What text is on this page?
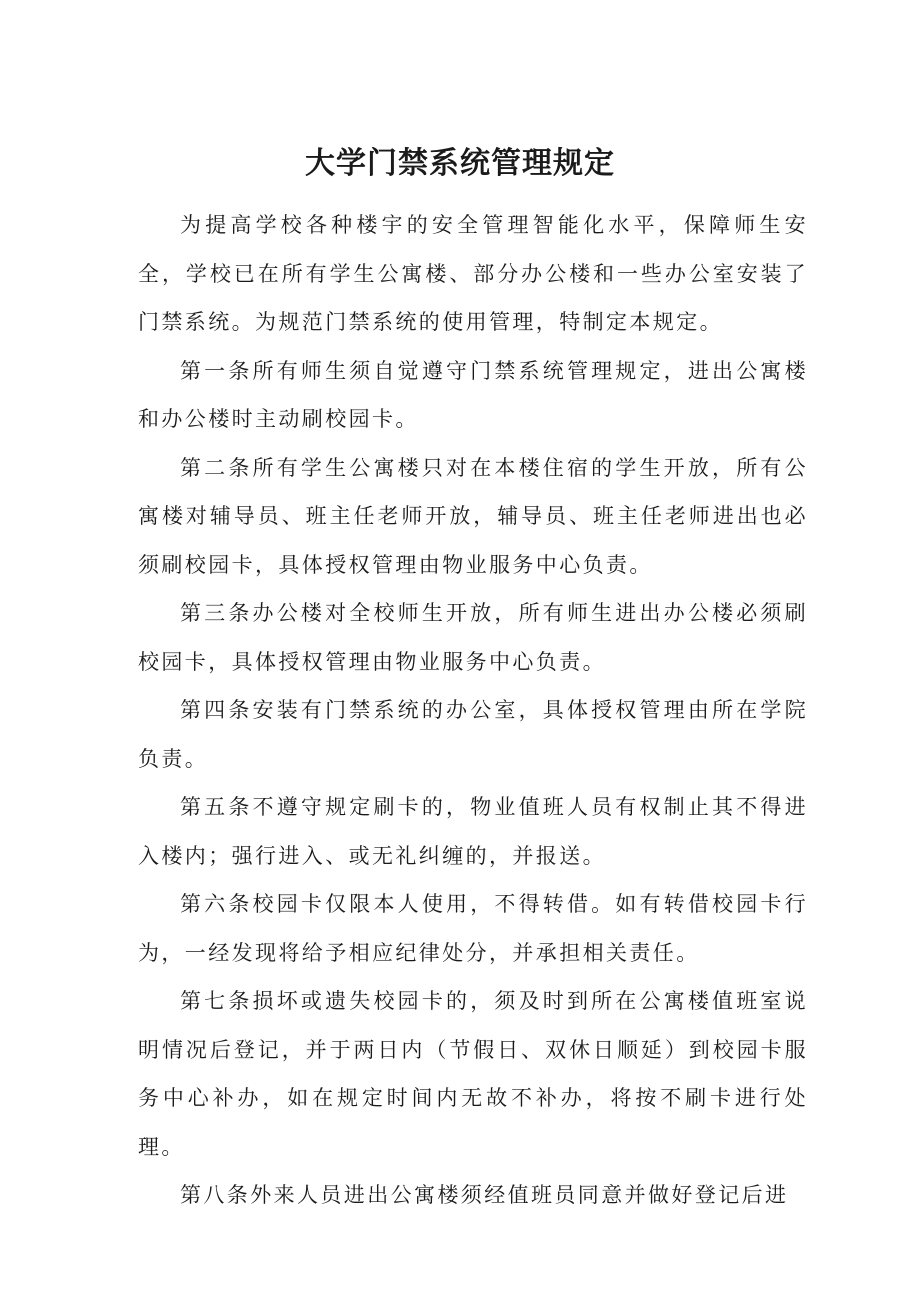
大学门禁系统管理规定

为提高学校各种楼宇的安全管理智能化水平，保障师生安全，学校已在所有学生公寓楼、部分办公楼和一些办公室安装了门禁系统。为规范门禁系统的使用管理，特制定本规定。

第一条所有师生须自觉遵守门禁系统管理规定，进出公寓楼和办公楼时主动刷校园卡。

第二条所有学生公寓楼只对在本楼住宿的学生开放，所有公寓楼对辅导员、班主任老师开放，辅导员、班主任老师进出也必须刷校园卡，具体授权管理由物业服务中心负责。

第三条办公楼对全校师生开放，所有师生进出办公楼必须刷校园卡，具体授权管理由物业服务中心负责。

第四条安装有门禁系统的办公室，具体授权管理由所在学院负责。

第五条不遵守规定刷卡的，物业值班人员有权制止其不得进入楼内；强行进入、或无礼纠缠的，并报送。

第六条校园卡仅限本人使用，不得转借。如有转借校园卡行为，一经发现将给予相应纪律处分，并承担相关责任。

第七条损坏或遗失校园卡的，须及时到所在公寓楼值班室说明情况后登记，并于两日内（节假日、双休日顺延）到校园卡服务中心补办，如在规定时间内无故不补办，将按不刷卡进行处理。

第八条外来人员进出公寓楼须经值班员同意并做好登记后进
